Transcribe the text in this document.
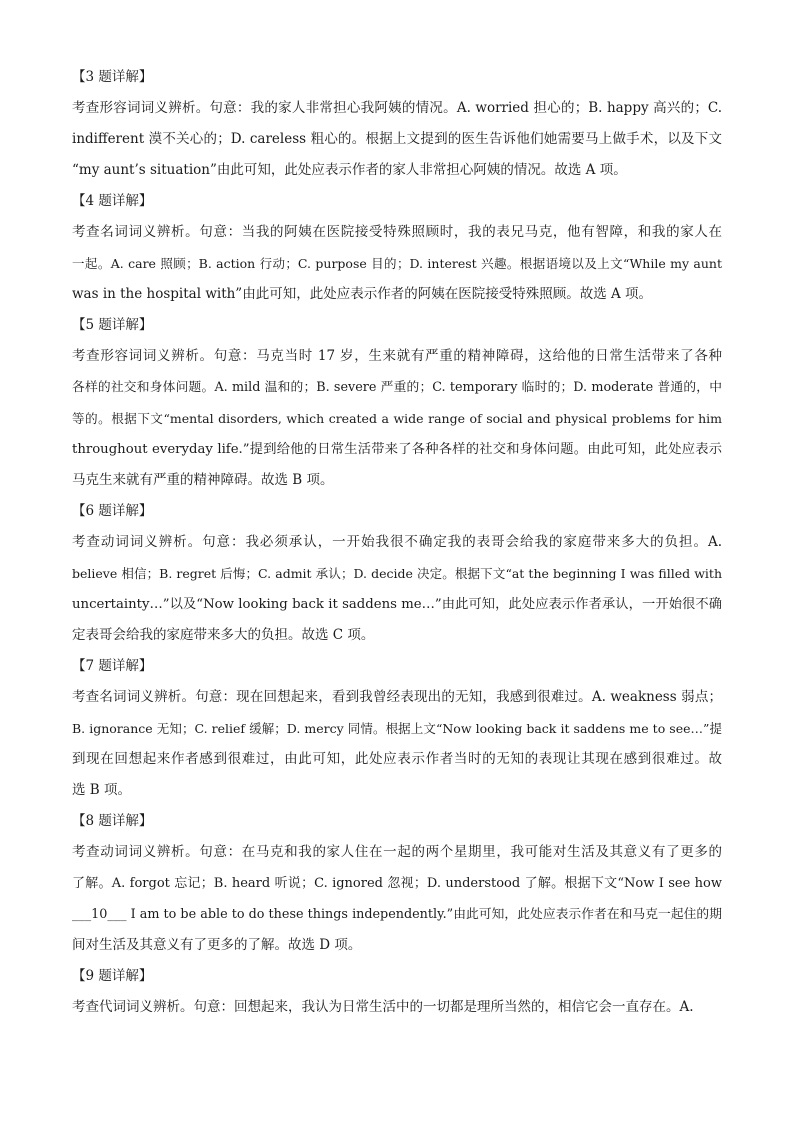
【3 题详解】

考查形容词词义辨析。句意：我的家人非常担心我阿姨的情况。A. worried 担心的；B. happy 高兴的；C.
indifferent 漠不关心的；D. careless 粗心的。根据上文提到的医生告诉他们她需要马上做手术，以及下文
“my aunt’s situation”由此可知，此处应表示作者的家人非常担心阿姨的情况。故选 A 项。

【4 题详解】

考查名词词义辨析。句意：当我的阿姨在医院接受特殊照顾时，我的表兄马克，他有智障，和我的家人在
一起。A. care 照顾；B. action 行动；C. purpose 目的；D. interest 兴趣。根据语境以及上文“While my aunt
was in the hospital with”由此可知，此处应表示作者的阿姨在医院接受特殊照顾。故选 A 项。

【5 题详解】

考查形容词词义辨析。句意：马克当时 17 岁，生来就有严重的精神障碍，这给他的日常生活带来了各种
各样的社交和身体问题。A. mild 温和的；B. severe 严重的；C. temporary 临时的；D. moderate 普通的，中
等的。根据下文“mental disorders, which created a wide range of social and physical problems for him
throughout everyday life.”提到给他的日常生活带来了各种各样的社交和身体问题。由此可知，此处应表示
马克生来就有严重的精神障碍。故选 B 项。

【6 题详解】

考查动词词义辨析。句意：我必须承认，一开始我很不确定我的表哥会给我的家庭带来多大的负担。A.
believe 相信；B. regret 后悔；C. admit 承认；D. decide 决定。根据下文“at the beginning I was filled with
uncertainty…”以及“Now looking back it saddens me…”由此可知，此处应表示作者承认，一开始很不确
定表哥会给我的家庭带来多大的负担。故选 C 项。

【7 题详解】

考查名词词义辨析。句意：现在回想起来，看到我曾经表现出的无知，我感到很难过。A. weakness 弱点；
B. ignorance 无知；C. relief 缓解；D. mercy 同情。根据上文“Now looking back it saddens me to see…”提
到现在回想起来作者感到很难过，由此可知，此处应表示作者当时的无知的表现让其现在感到很难过。故
选 B 项。

【8 题详解】

考查动词词义辨析。句意：在马克和我的家人住在一起的两个星期里，我可能对生活及其意义有了更多的
了解。A. forgot 忘记；B. heard 听说；C. ignored 忽视；D. understood 了解。根据下文“Now I see how
___10___ I am to be able to do these things independently.”由此可知，此处应表示作者在和马克一起住的期
间对生活及其意义有了更多的了解。故选 D 项。

【9 题详解】

考查代词词义辨析。句意：回想起来，我认为日常生活中的一切都是理所当然的，相信它会一直存在。A.
